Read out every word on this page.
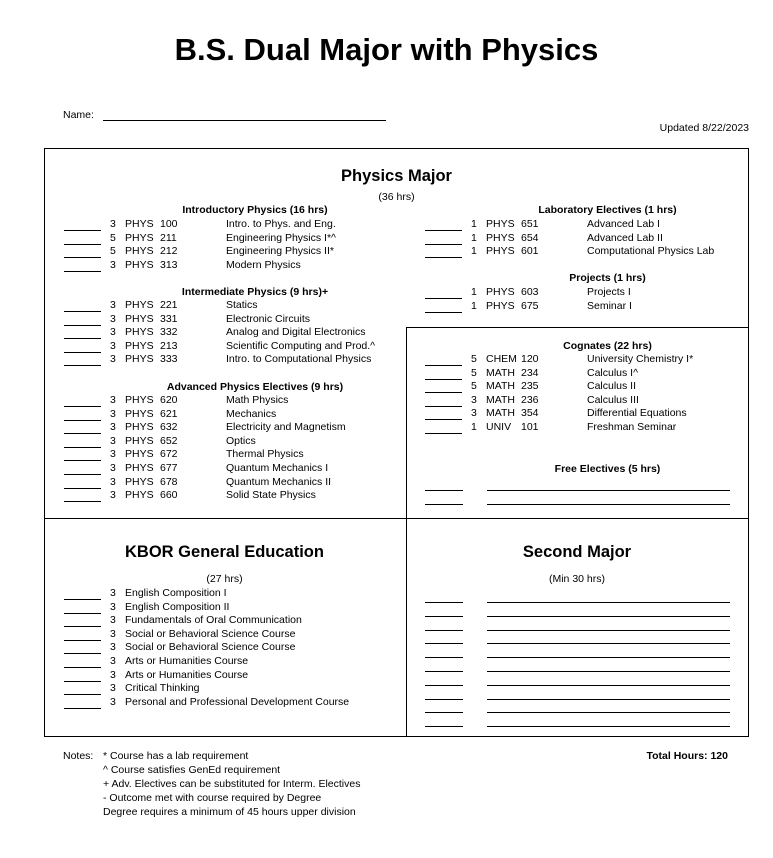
B.S. Dual Major with Physics
Name:
Updated 8/22/2023
Physics Major
(36 hrs)
Introductory Physics (16 hrs)
3 PHYS 100	Intro. to Phys. and Eng.
5 PHYS 211	Engineering Physics I*^
5 PHYS 212	Engineering Physics II*
3 PHYS 313	Modern Physics
Intermediate Physics (9 hrs)+
3 PHYS 221	Statics
3 PHYS 331	Electronic Circuits
3 PHYS 332	Analog and Digital Electronics
3 PHYS 213	Scientific Computing and Prod.^
3 PHYS 333	Intro. to Computational Physics
Advanced Physics Electives (9 hrs)
3 PHYS 620	Math Physics
3 PHYS 621	Mechanics
3 PHYS 632	Electricity and Magnetism
3 PHYS 652	Optics
3 PHYS 672	Thermal Physics
3 PHYS 677	Quantum Mechanics I
3 PHYS 678	Quantum Mechanics II
3 PHYS 660	Solid State Physics
Laboratory Electives (1 hrs)
1 PHYS 651	Advanced Lab I
1 PHYS 654	Advanced Lab II
1 PHYS 601	Computational Physics Lab
Projects (1 hrs)
1 PHYS 603	Projects I
1 PHYS 675	Seminar I
Cognates (22 hrs)
5 CHEM 120	University Chemistry I*
5 MATH 234	Calculus I^
5 MATH 235	Calculus II
3 MATH 236	Calculus III
3 MATH 354	Differential Equations
1 UNIV 101	Freshman Seminar
Free Electives (5 hrs)
KBOR General Education
(27 hrs)
3 English Composition I
3 English Composition II
3 Fundamentals of Oral Communication
3 Social or Behavioral Science Course
3 Social or Behavioral Science Course
3 Arts or Humanities Course
3 Arts or Humanities Course
3 Critical Thinking
3 Personal and Professional Development Course
Second Major
(Min 30 hrs)
Notes: * Course has a lab requirement
^ Course satisfies GenEd requirement
+ Adv. Electives can be substituted for Interm. Electives
- Outcome met with course required by Degree
Degree requires a minimum of 45 hours upper division
Total Hours: 120
